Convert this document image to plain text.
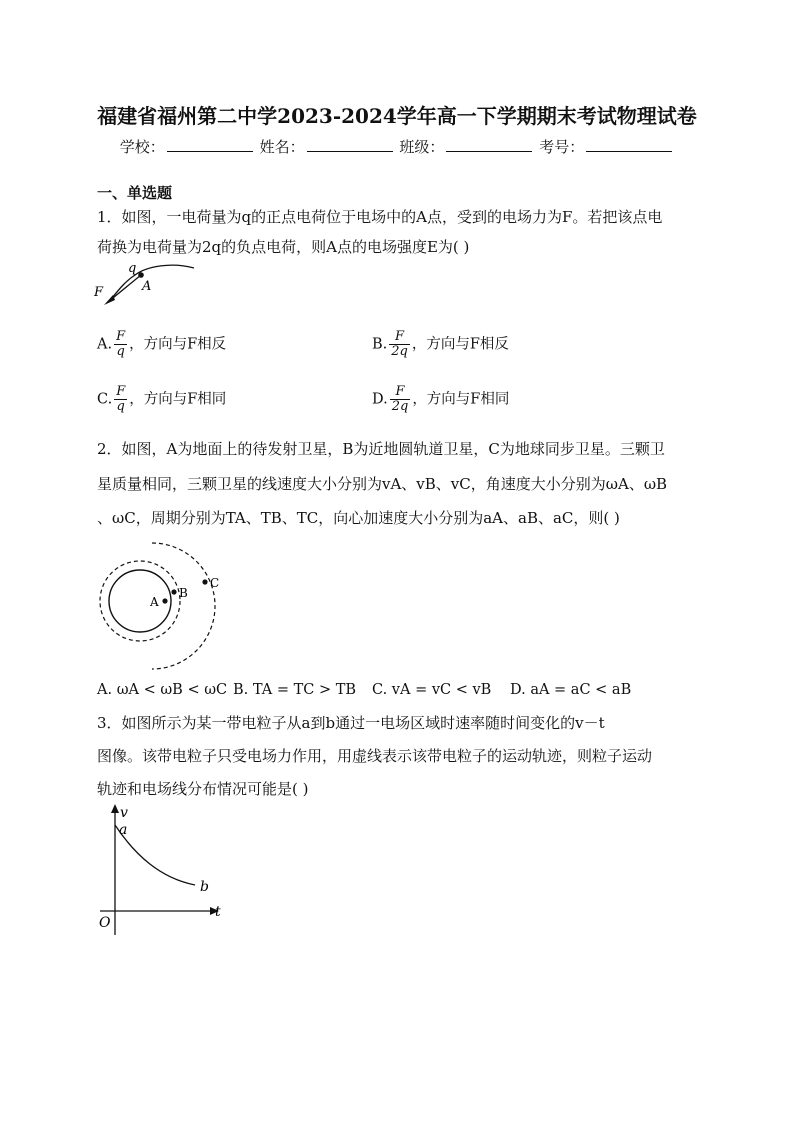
福建省福州第二中学2023-2024学年高一下学期期末考试物理试卷
学校：	姓名：	班级：	考号：
一、单选题
1．如图，一电荷量为q的正点电荷位于电场中的A点，受到的电场力为F。若把该点电
荷换为电荷量为2q的负点电荷，则A点的电场强度E为( )
q
A
F
A. $\frac{F}{q}$ ，方向与F相反	B. $\frac{F}{2q}$ ，方向与F相反
C. $\frac{F}{q}$ ，方向与F相同	D. $\frac{F}{2q}$ ，方向与F相同
2．如图，A为地面上的待发射卫星，B为近地圆轨道卫星，C为地球同步卫星。三颗卫
星质量相同，三颗卫星的线速度大小分别为vA、vB、vC，角速度大小分别为ωA、ωB
、ωC，周期分别为TA、TB、TC，向心加速度大小分别为aA、aB、aC，则( )
A
B
C
A. ωA < ωB < ωC B. TA = TC > TB C. vA = vC < vB D. aA = aC < aB
3．如图所示为某一带电粒子从a到b通过一电场区域时速率随时间变化的v－t
图像。该带电粒子只受电场力作用，用虚线表示该带电粒子的运动轨迹，则粒子运动
轨迹和电场线分布情况可能是( )
v
t
O
a
b
